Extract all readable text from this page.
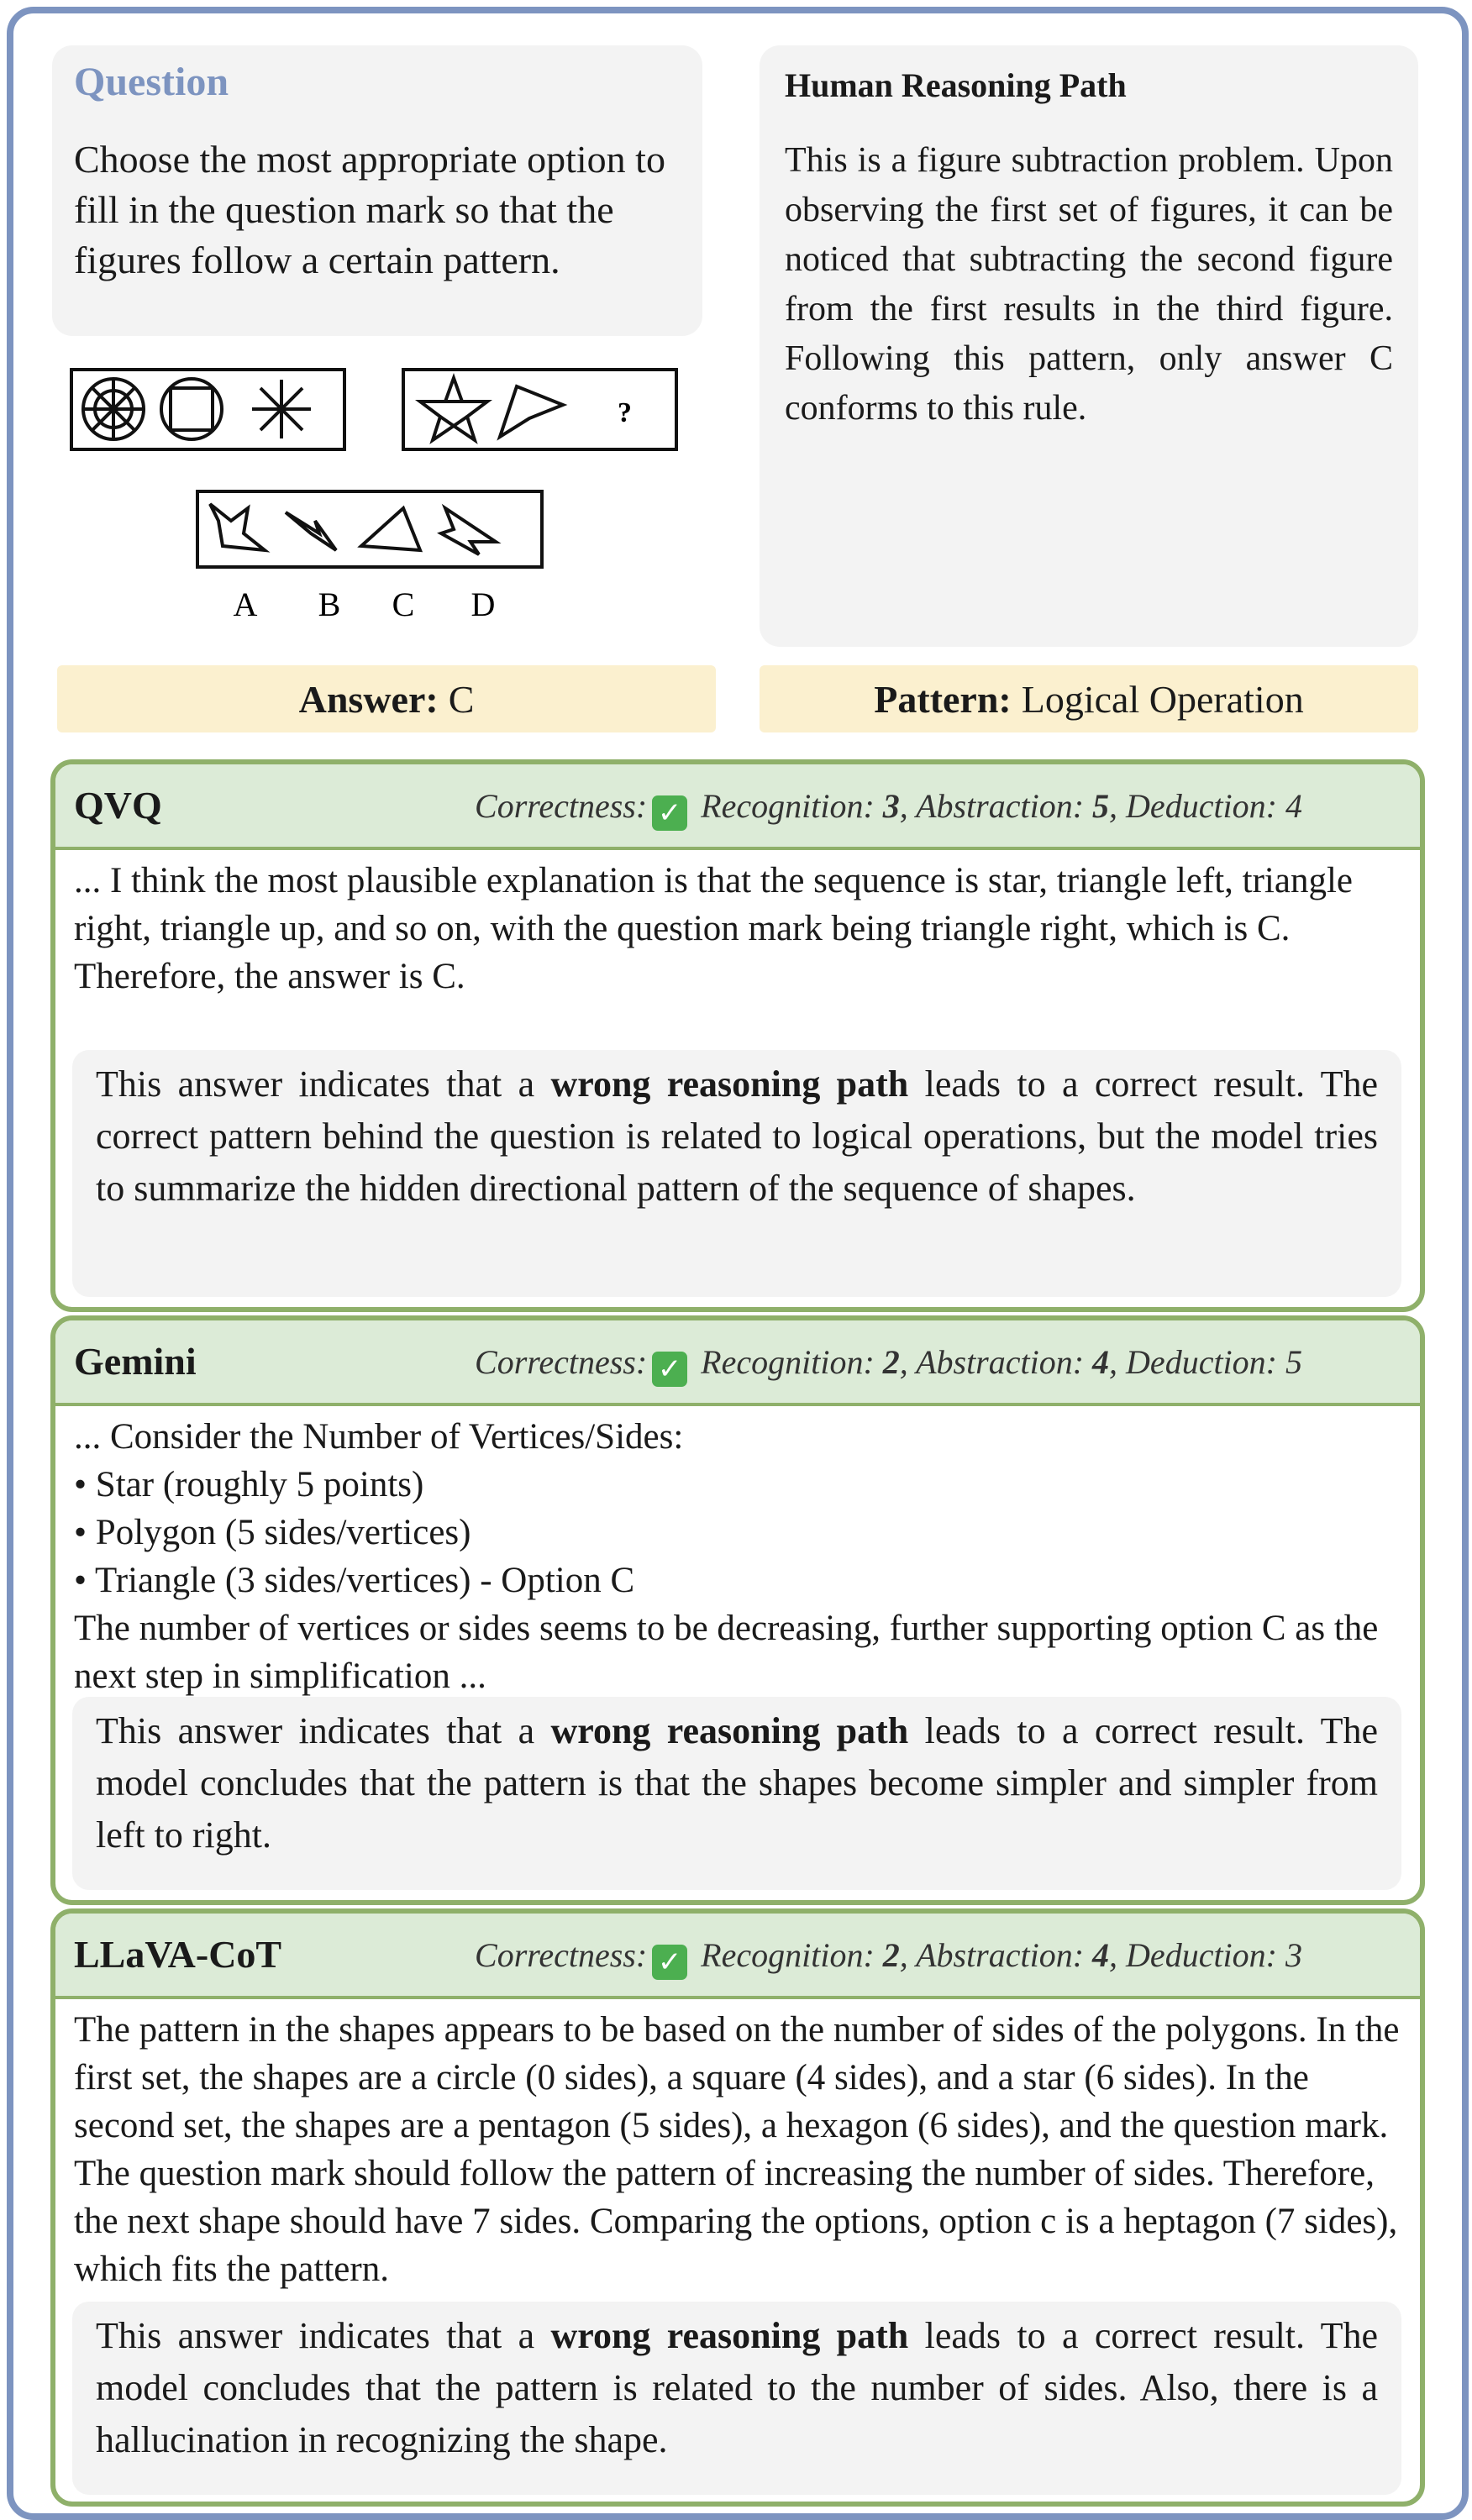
Question
Choose the most appropriate option to fill in the question mark so that the figures follow a certain pattern.
?
A B C D
Human Reasoning Path
This is a figure subtraction problem. Upon observing the first set of figures, it can be noticed that subtracting the second figure from the first results in the third figure. Following this pattern, only answer C conforms to this rule.
Answer: C	Pattern: Logical Operation
QVQ	Correctness: ✓ Recognition: 3, Abstraction: 5, Deduction: 4
... I think the most plausible explanation is that the sequence is star, triangle left, triangle right, triangle up, and so on, with the question mark being triangle right, which is C.
Therefore, the answer is C.
This answer indicates that a wrong reasoning path leads to a correct result. The correct pattern behind the question is related to logical operations, but the model tries to summarize the hidden directional pattern of the sequence of shapes.
Gemini	Correctness: ✓ Recognition: 2, Abstraction: 4, Deduction: 5
... Consider the Number of Vertices/Sides:
• Star (roughly 5 points)
• Polygon (5 sides/vertices)
• Triangle (3 sides/vertices) - Option C
The number of vertices or sides seems to be decreasing, further supporting option C as the next step in simplification ...
This answer indicates that a wrong reasoning path leads to a correct result. The model concludes that the pattern is that the shapes become simpler and simpler from left to right.
LLaVA-CoT	Correctness: ✓ Recognition: 2, Abstraction: 4, Deduction: 3
The pattern in the shapes appears to be based on the number of sides of the polygons. In the first set, the shapes are a circle (0 sides), a square (4 sides), and a star (6 sides). In the second set, the shapes are a pentagon (5 sides), a hexagon (6 sides), and the question mark. The question mark should follow the pattern of increasing the number of sides. Therefore, the next shape should have 7 sides. Comparing the options, option c is a heptagon (7 sides), which fits the pattern.
This answer indicates that a wrong reasoning path leads to a correct result. The model concludes that the pattern is related to the number of sides. Also, there is a hallucination in recognizing the shape.
